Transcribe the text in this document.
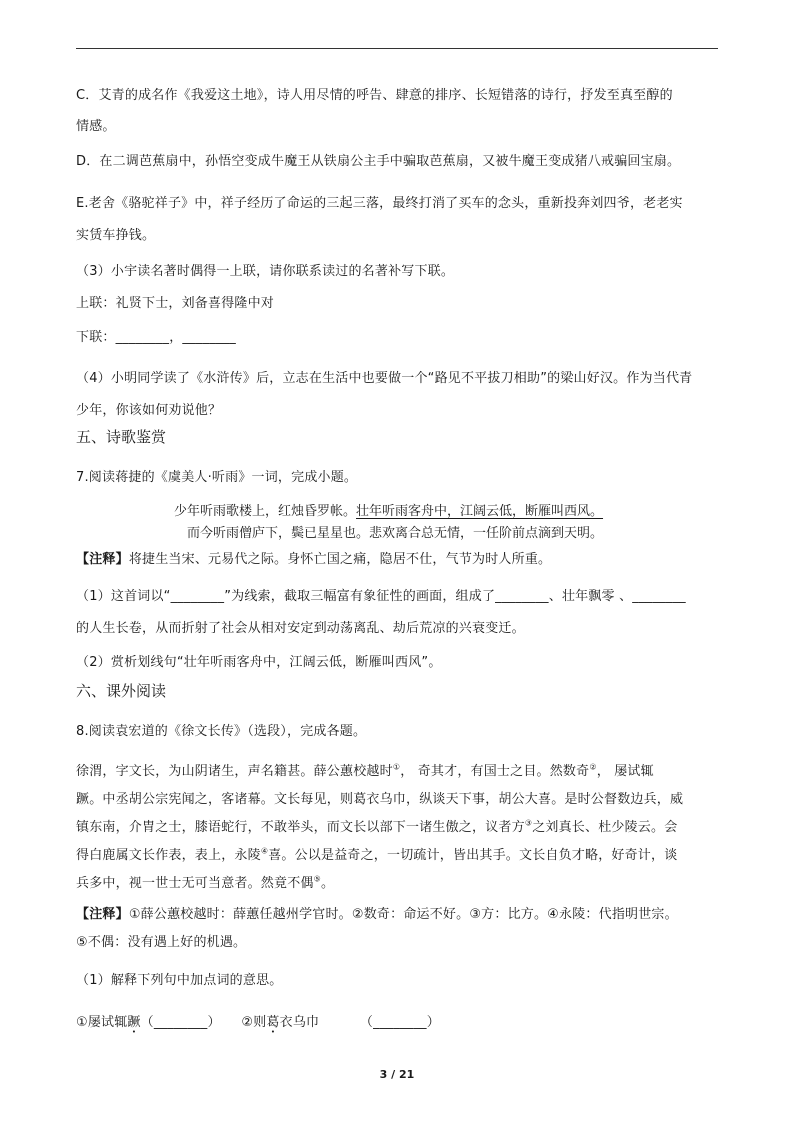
C．艾青的成名作《我爱这土地》，诗人用尽情的呼告、肆意的排序、长短错落的诗行，抒发至真至醇的
情感。
D．在二调芭蕉扇中，孙悟空变成牛魔王从铁扇公主手中骗取芭蕉扇，又被牛魔王变成猪八戒骗回宝扇。
E.老舍《骆驼祥子》中，祥子经历了命运的三起三落，最终打消了买车的念头，重新投奔刘四爷，老老实
实赁车挣钱。
（3）小宇读名著时偶得一上联，请你联系读过的名著补写下联。
上联：礼贤下士，刘备喜得隆中对
下联：________，________
（4）小明同学读了《水浒传》后，立志在生活中也要做一个“路见不平拔刀相助”的梁山好汉。作为当代青
少年，你该如何劝说他？
五、诗歌鉴赏
7.阅读蒋捷的《虞美人·听雨》一词，完成小题。
少年听雨歌楼上，红烛昏罗帐。壮年听雨客舟中，江阔云低，断雁叫西风。
而今听雨僧庐下，鬓已星星也。悲欢离合总无情，一任阶前点滴到天明。
【注释】将捷生当宋、元易代之际。身怀亡国之痛，隐居不仕，气节为时人所重。
（1）这首词以“________”为线索，截取三幅富有象征性的画面，组成了________、壮年飘零 、________
的人生长卷，从而折射了社会从相对安定到动荡离乱、劫后荒凉的兴衰变迁。
（2）赏析划线句“壮年听雨客舟中，江阔云低，断雁叫西风”。
六、课外阅读
8.阅读袁宏道的《徐文长传》（选段），完成各题。
徐渭，字文长，为山阴诸生，声名籍甚。薛公蕙校越时①， 奇其才，有国士之目。然数奇②， 屡试辄
蹶。中丞胡公宗宪闻之，客诸幕。文长每见，则葛衣乌巾，纵谈天下事，胡公大喜。是时公督数边兵，威
镇东南，介胄之士，膝语蛇行，不敢举头，而文长以部下一诸生傲之，议者方③之刘真长、杜少陵云。会
得白鹿属文长作表，表上，永陵④喜。公以是益奇之，一切疏计，皆出其手。文长自负才略，好奇计，谈
兵多中，视一世士无可当意者。然竟不偶⑤。
【注释】①薛公蕙校越时：薛蕙任越州学官时。②数奇：命运不好。③方：比方。④永陵：代指明世宗。
⑤不偶：没有遇上好的机遇。
（1）解释下列句中加点词的意思。
①屡试辄蹶（________） ②则葛衣乌巾	（________）
3 / 21
